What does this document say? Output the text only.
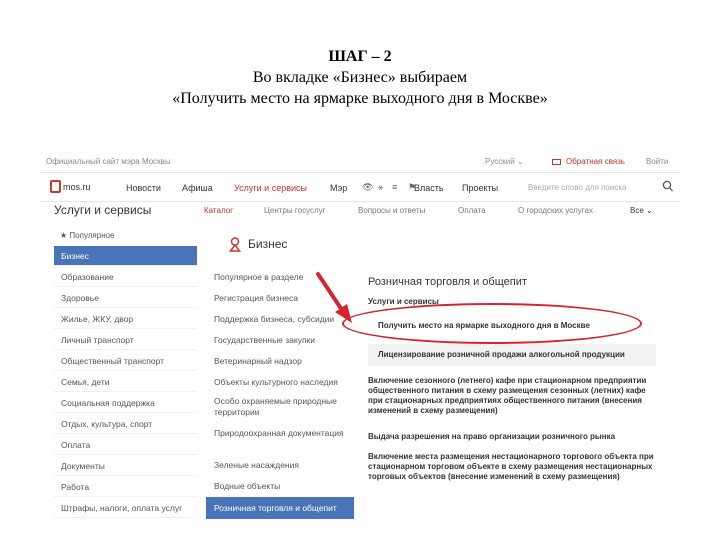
ШАГ – 2
Во вкладке «Бизнес» выбираем
«Получить место на ярмарке выходного дня в Москве»
Официальный сайт мэра Москвы	Русский ⌄	Обратная связь	Войти
mos.ru	Новости Афиша Услуги и сервисы	Мэр 👁 ⚹ ≡ ⚑
Власть Проекты	Введите слово для поиска
Услуги и сервисы	Каталог	Центры госуслуг	Вопросы и ответы	Оплата	О городских услугах	Все ⌄
★ Популярное
Бизнес
Образование
Здоровье
Жилье, ЖКУ, двор
Личный транспорт
Общественный транспорт
Семья, дети
Социальная поддержка
Отдых, культура, спорт
Оплата
Документы
Работа
Штрафы, налоги, оплата услуг
Бизнес
Популярное в разделе
Регистрация бизнеса
Поддержка бизнеса, субсидии
Государственные закупки
Ветеринарный надзор
Объекты культурного наследия
Особо охраняемые природные территории
Природоохранная документация
Зеленые насаждения
Водные объекты
Розничная торговля и общепит
Розничная торговля и общепит
Услуги и сервисы
Получить место на ярмарке выходного дня в Москве
Лицензирование розничной продажи алкогольной продукции
Включение сезонного (летнего) кафе при стационарном предприятии общественного питания в схему размещения сезонных (летних) кафе при стационарных предприятиях общественного питания (внесения изменений в схему размещения)
Выдача разрешения на право организации розничного рынка
Включение места размещения нестационарного торгового объекта при стационарном торговом объекте в схему размещения нестационарных торговых объектов (внесение изменений в схему размещения)
